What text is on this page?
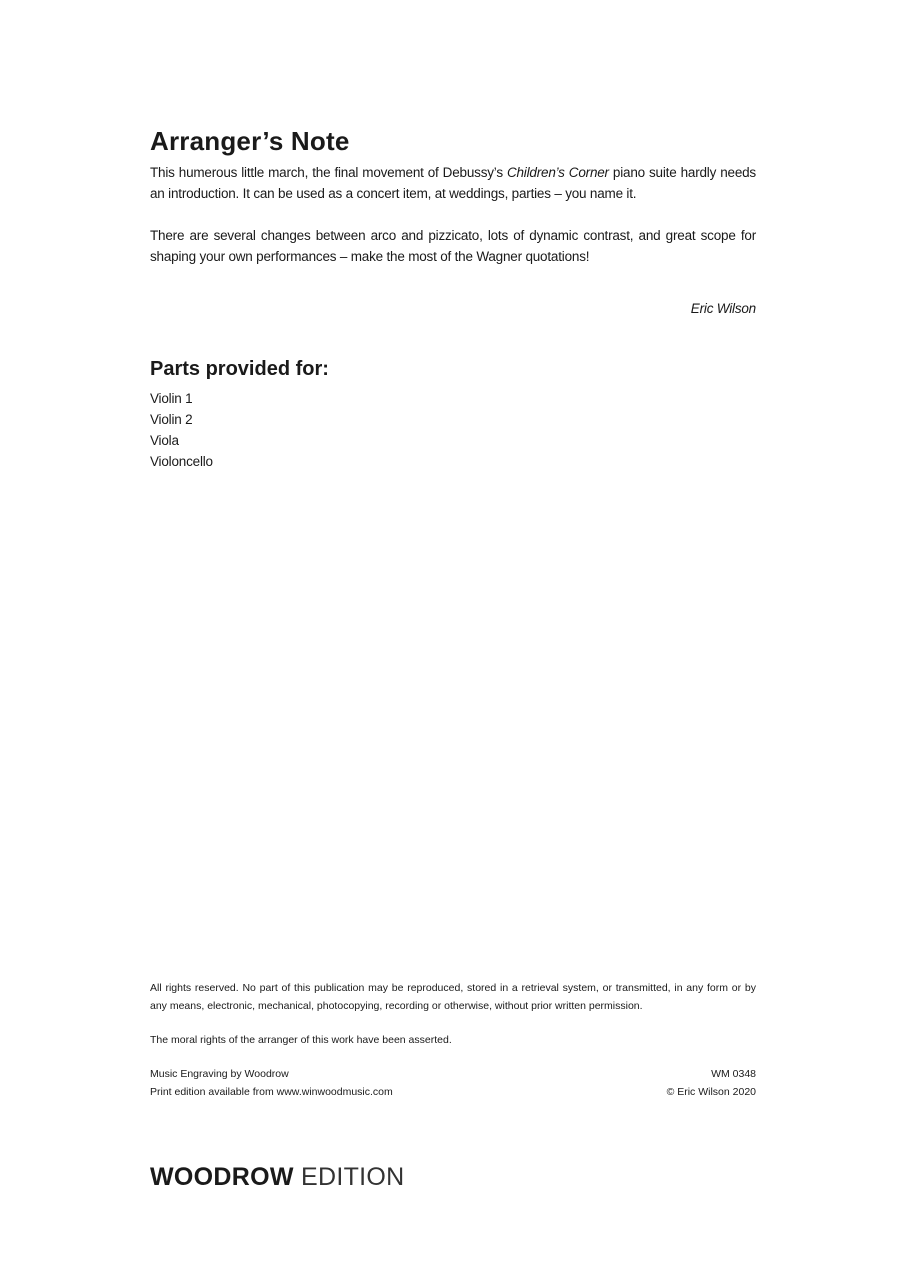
Arranger’s Note

This humerous little march, the final movement of Debussy’s Children’s Corner piano suite hardly needs an introduction. It can be used as a concert item, at weddings, parties – you name it.

There are several changes between arco and pizzicato, lots of dynamic contrast, and great scope for shaping your own performances – make the most of the Wagner quotations!

Eric Wilson
Parts provided for:
Violin 1
Violin 2
Viola
Violoncello

All rights reserved. No part of this publication may be reproduced, stored in a retrieval system, or transmitted, in any form or by any means, electronic, mechanical, photocopying, recording or otherwise, without prior written permission.

The moral rights of the arranger of this work have been asserted.

Music Engraving by Woodrow
Print edition available from www.winwoodmusic.com
WM 0348
© Eric Wilson 2020
WOODROW EDITION
